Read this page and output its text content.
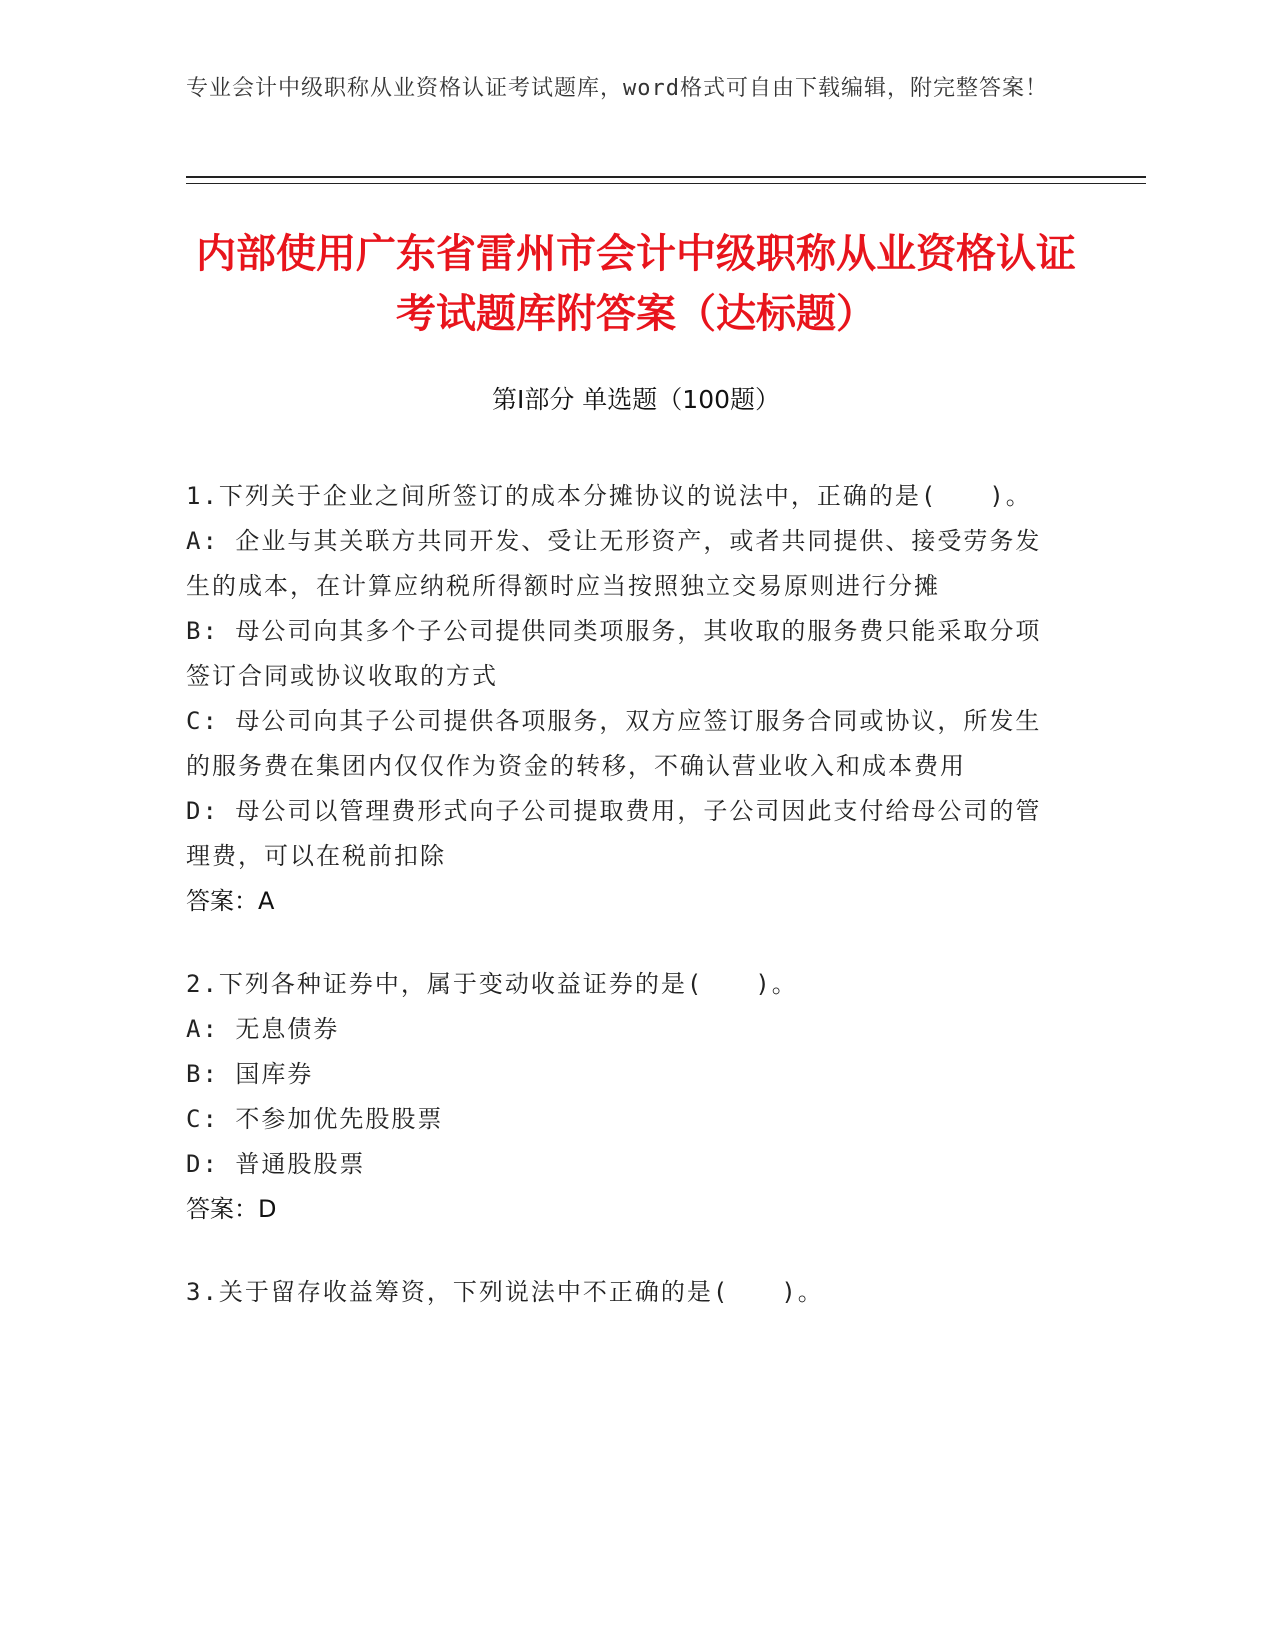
专业会计中级职称从业资格认证考试题库，word格式可自由下载编辑，附完整答案！
内部使用广东省雷州市会计中级职称从业资格认证考试题库附答案（达标题）
第Ⅰ部分 单选题（100题）
1.下列关于企业之间所签订的成本分摊协议的说法中，正确的是(　　)。
A: 企业与其关联方共同开发、受让无形资产，或者共同提供、接受劳务发生的成本，在计算应纳税所得额时应当按照独立交易原则进行分摊
B: 母公司向其多个子公司提供同类项服务，其收取的服务费只能采取分项签订合同或协议收取的方式
C: 母公司向其子公司提供各项服务，双方应签订服务合同或协议，所发生的服务费在集团内仅仅作为资金的转移，不确认营业收入和成本费用
D: 母公司以管理费形式向子公司提取费用，子公司因此支付给母公司的管理费，可以在税前扣除
答案：A
2.下列各种证券中，属于变动收益证券的是(　　)。
A: 无息债券
B: 国库券
C: 不参加优先股股票
D: 普通股股票
答案：D
3.关于留存收益筹资，下列说法中不正确的是(　　)。
